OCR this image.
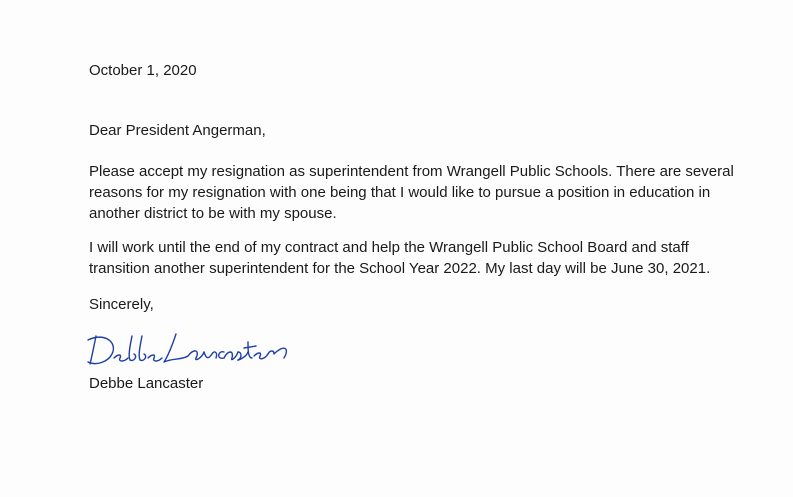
October 1, 2020

Dear President Angerman,

Please accept my resignation as superintendent from Wrangell Public Schools. There are several
reasons for my resignation with one being that I would like to pursue a position in education in
another district to be with my spouse.
I will work until the end of my contract and help the Wrangell Public School Board and staff
transition another superintendent for the School Year 2022. My last day will be June 30, 2021.

Sincerely,

Debbe Lancaster
